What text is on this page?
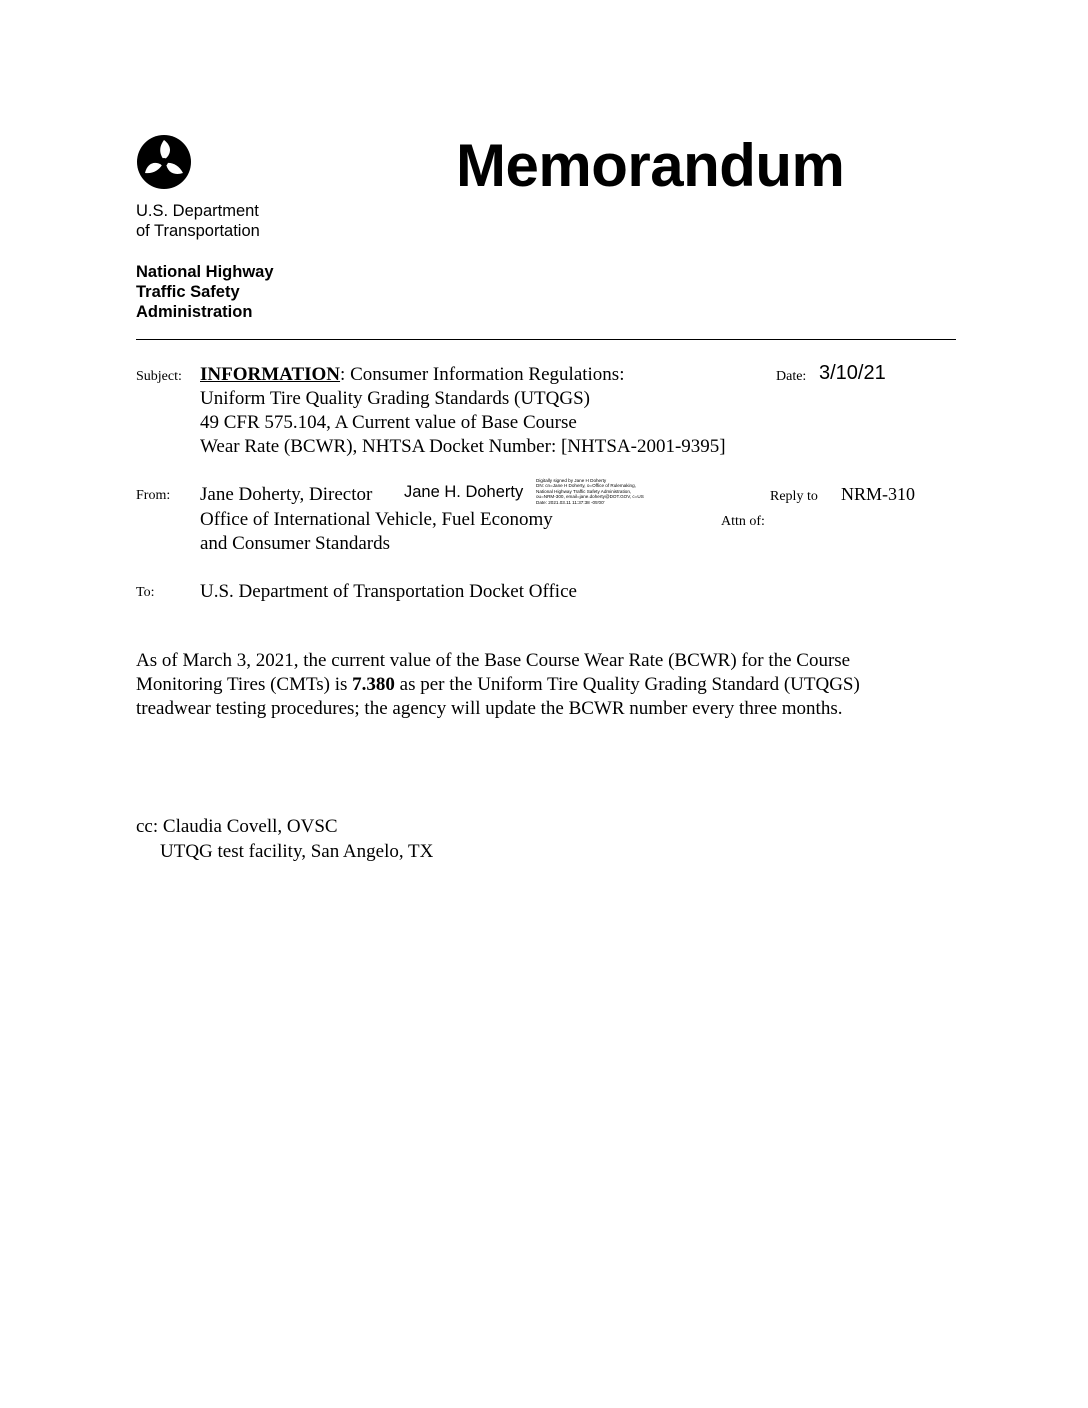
Memorandum
U.S. Department
of Transportation
National Highway
Traffic Safety
Administration
Subject: INFORMATION: Consumer Information Regulations:
Uniform Tire Quality Grading Standards (UTQGS)
49 CFR 575.104, A Current value of Base Course
Wear Rate (BCWR), NHTSA Docket Number: [NHTSA-2001-9395]
Date: 3/10/21
From: Jane Doherty, Director Jane H. Doherty
Digitally signed by Jane H Doherty
DN: cn=Jane H Doherty, o=Office of Rulemaking,
National Highway Traffic Safety Administration,
ou=NRM-300, email=jane.doherty@DOT.GOV, c=US
Date: 2021.03.11 11:37:38 -05'00'
Office of International Vehicle, Fuel Economy
and Consumer Standards
Reply to NRM-310
Attn of:
To: U.S. Department of Transportation Docket Office

As of March 3, 2021, the current value of the Base Course Wear Rate (BCWR) for the Course

Monitoring Tires (CMTs) is 7.380 as per the Uniform Tire Quality Grading Standard (UTQGS)

treadwear testing procedures; the agency will update the BCWR number every three months.

cc: Claudia Covell, OVSC
UTQG test facility, San Angelo, TX
